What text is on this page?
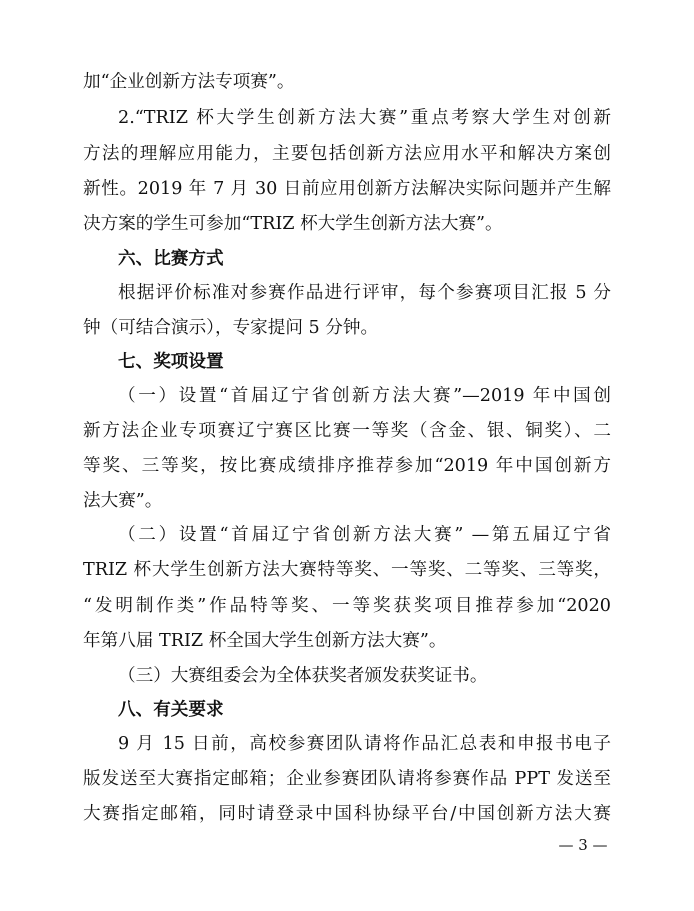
加“企业创新方法专项赛”。
2.“TRIZ 杯大学生创新方法大赛”重点考察大学生对创新
方法的理解应用能力，主要包括创新方法应用水平和解决方案创
新性。2019 年 7 月 30 日前应用创新方法解决实际问题并产生解
决方案的学生可参加“TRIZ 杯大学生创新方法大赛”。
六、比赛方式
根据评价标准对参赛作品进行评审，每个参赛项目汇报 5 分
钟（可结合演示），专家提问 5 分钟。
七、奖项设置
（一）设置“首届辽宁省创新方法大赛”—2019 年中国创
新方法企业专项赛辽宁赛区比赛一等奖（含金、银、铜奖）、二
等奖、三等奖，按比赛成绩排序推荐参加“2019 年中国创新方
法大赛”。
（二）设置“首届辽宁省创新方法大赛” —第五届辽宁省
TRIZ 杯大学生创新方法大赛特等奖、一等奖、二等奖、三等奖，
“发明制作类”作品特等奖、一等奖获奖项目推荐参加“2020
年第八届 TRIZ 杯全国大学生创新方法大赛”。
（三）大赛组委会为全体获奖者颁发获奖证书。
八、有关要求
9 月 15 日前，高校参赛团队请将作品汇总表和申报书电子
版发送至大赛指定邮箱；企业参赛团队请将参赛作品 PPT 发送至
大赛指定邮箱，同时请登录中国科协绿平台/中国创新方法大赛
— 3 —
